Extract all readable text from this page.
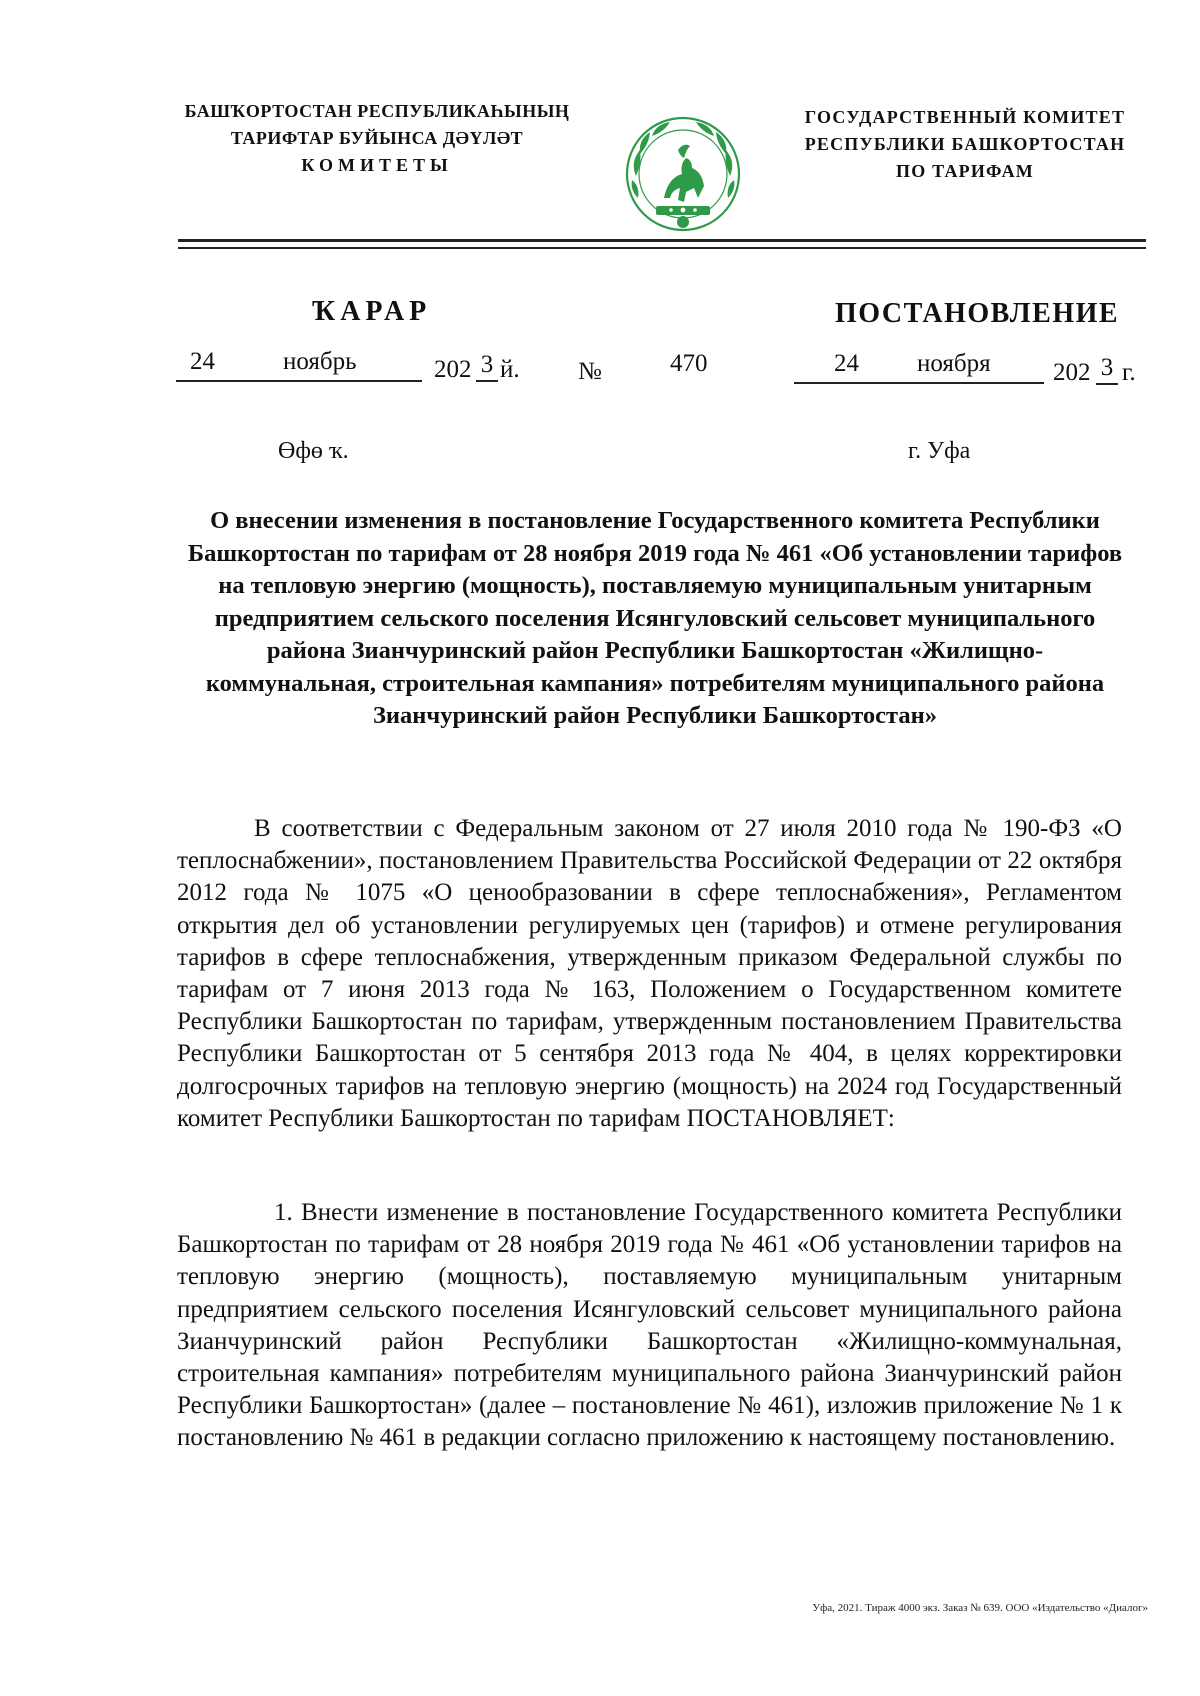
БАШҠОРТОСТАН РЕСПУБЛИКАҺЫНЫҢ
ТАРИФТАР БУЙЫНСА ДӘҮЛӘТ
КОМИТЕТЫ
ГОСУДАРСТВЕННЫЙ КОМИТЕТ
РЕСПУБЛИКИ БАШКОРТОСТАН
ПО ТАРИФАМ
ҠАРАР	ПОСТАНОВЛЕНИЕ
24	ноябрь	202 3 й. №	470	24 ноября 202 3 г.
Өфө ҡ.	г. Уфа
О внесении изменения в постановление Государственного комитета Республики Башкортостан по тарифам от 28 ноября 2019 года № 461 «Об установлении тарифов на тепловую энергию (мощность), поставляемую муниципальным унитарным предприятием сельского поселения Исянгуловский сельсовет муниципального района Зианчуринский район Республики Башкортостан «Жилищно-коммунальная, строительная кампания» потребителям муниципального района Зианчуринский район Республики Башкортостан»
В соответствии с Федеральным законом от 27 июля 2010 года № 190-ФЗ «О теплоснабжении», постановлением Правительства Российской Федерации от 22 октября 2012 года № 1075 «О ценообразовании в сфере теплоснабжения», Регламентом открытия дел об установлении регулируемых цен (тарифов) и отмене регулирования тарифов в сфере теплоснабжения, утвержденным приказом Федеральной службы по тарифам от 7 июня 2013 года № 163, Положением о Государственном комитете Республики Башкортостан по тарифам, утвержденным постановлением Правительства Республики Башкортостан от 5 сентября 2013 года № 404, в целях корректировки долгосрочных тарифов на тепловую энергию (мощность) на 2024 год Государственный комитет Республики Башкортостан по тарифам ПОСТАНОВЛЯЕТ:
1. Внести изменение в постановление Государственного комитета Республики Башкортостан по тарифам от 28 ноября 2019 года № 461 «Об установлении тарифов на тепловую энергию (мощность), поставляемую муниципальным унитарным предприятием сельского поселения Исянгуловский сельсовет муниципального района Зианчуринский район Республики Башкортостан «Жилищно-коммунальная, строительная кампания» потребителям муниципального района Зианчуринский район Республики Башкортостан» (далее – постановление № 461), изложив приложение № 1 к постановлению № 461 в редакции согласно приложению к настоящему постановлению.
Уфа, 2021. Тираж 4000 экз. Заказ № 639. ООО «Издательство «Диалог»
